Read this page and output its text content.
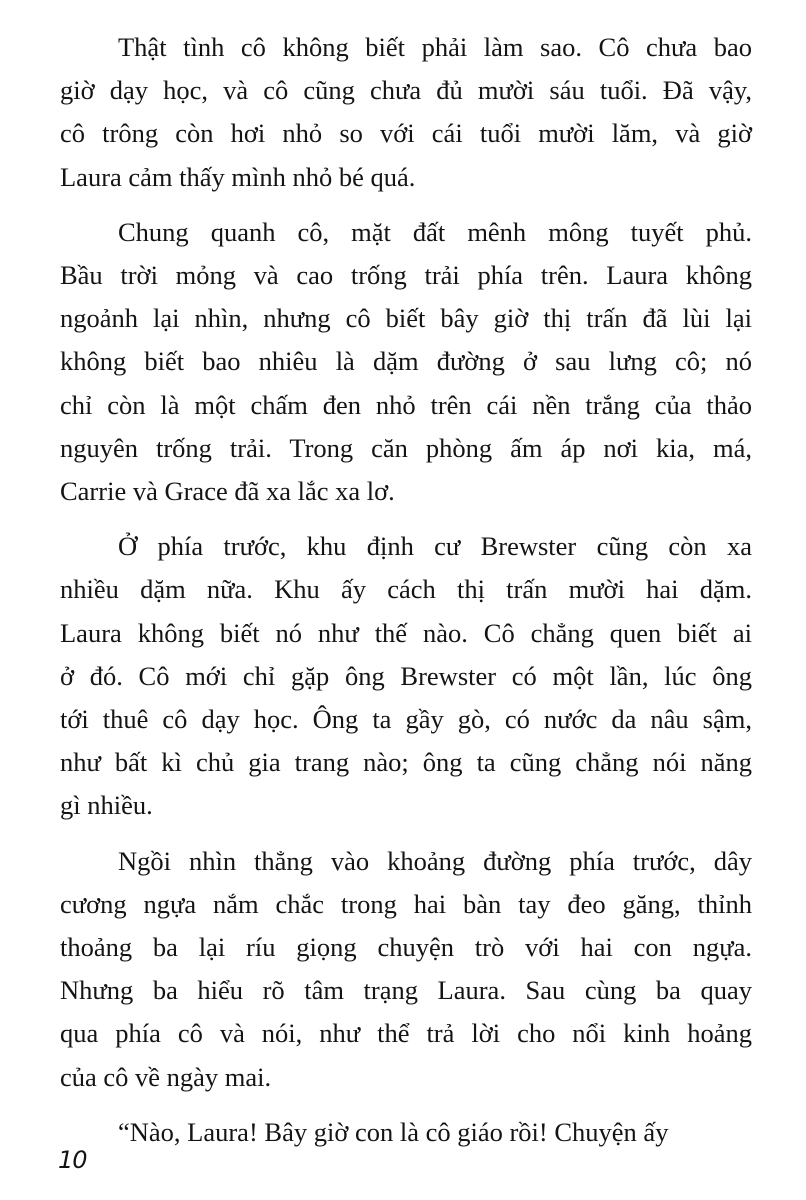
Thật tình cô không biết phải làm sao. Cô chưa bao
giờ dạy học, và cô cũng chưa đủ mười sáu tuổi. Đã vậy,
cô trông còn hơi nhỏ so với cái tuổi mười lăm, và giờ
Laura cảm thấy mình nhỏ bé quá.
Chung quanh cô, mặt đất mênh mông tuyết phủ.
Bầu trời mỏng và cao trống trải phía trên. Laura không
ngoảnh lại nhìn, nhưng cô biết bây giờ thị trấn đã lùi lại
không biết bao nhiêu là dặm đường ở sau lưng cô; nó
chỉ còn là một chấm đen nhỏ trên cái nền trắng của thảo
nguyên trống trải. Trong căn phòng ấm áp nơi kia, má,
Carrie và Grace đã xa lắc xa lơ.
Ở phía trước, khu định cư Brewster cũng còn xa
nhiều dặm nữa. Khu ấy cách thị trấn mười hai dặm.
Laura không biết nó như thế nào. Cô chẳng quen biết ai
ở đó. Cô mới chỉ gặp ông Brewster có một lần, lúc ông
tới thuê cô dạy học. Ông ta gầy gò, có nước da nâu sậm,
như bất kì chủ gia trang nào; ông ta cũng chẳng nói năng
gì nhiều.
Ngồi nhìn thẳng vào khoảng đường phía trước, dây
cương ngựa nắm chắc trong hai bàn tay đeo găng, thỉnh
thoảng ba lại ríu giọng chuyện trò với hai con ngựa.
Nhưng ba hiểu rõ tâm trạng Laura. Sau cùng ba quay
qua phía cô và nói, như thể trả lời cho nổi kinh hoảng
của cô về ngày mai.
“Nào, Laura! Bây giờ con là cô giáo rồi! Chuyện ấy
10
